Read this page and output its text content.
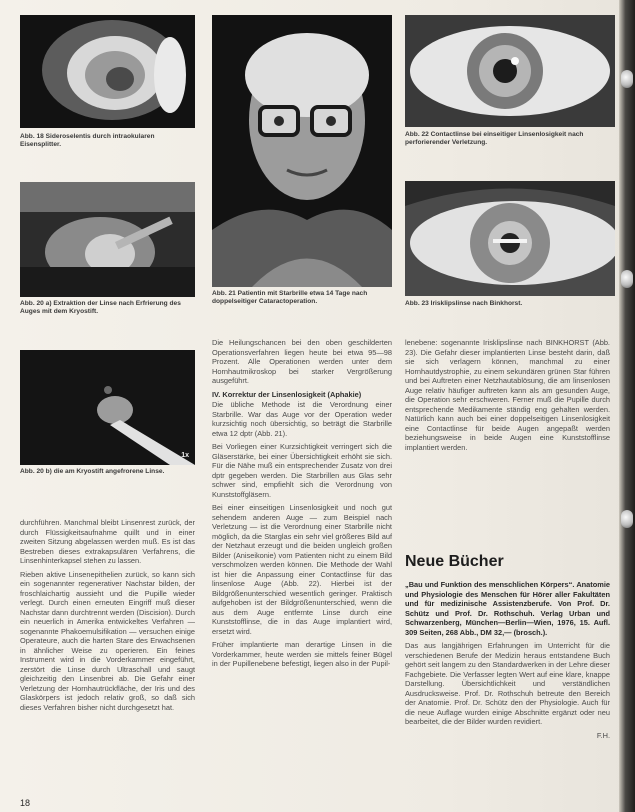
Abb. 18 Sideroselentis durch intraokularen Eisensplitter.
Abb. 20 a) Extraktion der Linse nach Erfrierung des Auges mit dem Kryostift.
1x
Abb. 20 b) die am Kryostift angefrorene Linse.
Abb. 21 Patientin mit Starbrille etwa 14 Tage nach doppelseitiger Cataractoperation.
Abb. 22 Contactlinse bei einseitiger Linsenlosigkeit nach perforierender Verletzung.
Abb. 23 Irisklipslinse nach Binkhorst.

durchführen. Manchmal bleibt Linsenrest zurück, der durch Flüssigkeitsaufnahme quillt und in einer zweiten Sitzung abgelassen werden muß. Es ist das Bestreben dieses extrakapsulären Verfahrens, die Linsenhinterkapsel stehen zu lassen.

Rieben aktive Linsenepithelien zurück, so kann sich ein sogenannter regenerativer Nachstar bilden, der froschlaichartig aussieht und die Pupille wieder verlegt. Durch einen erneuten Eingriff muß dieser Nachstar dann durchtrennt werden (Discision). Durch ein neuerlich in Amerika entwickeltes Verfahren — sogenannte Phakoemulsifikation — versuchen einige Operateure, auch die harten Stare des Erwachsenen in ähnlicher Weise zu operieren. Ein feines Instrument wird in die Vorderkammer eingeführt, zerstört die Linse durch Ultraschall und saugt gleichzeitig den Linsenbrei ab. Die Gefahr einer Verletzung der Hornhautrückfläche, der Iris und des Glaskörpers ist jedoch relativ groß, so daß sich dieses Verfahren bisher nicht durchgesetzt hat.

Die Heilungschancen bei den oben geschilderten Operationsverfahren liegen heute bei etwa 95—98 Prozent. Alle Operationen werden unter dem Hornhautmikroskop bei starker Vergrößerung ausgeführt.

IV. Korrektur der Linsenlosigkeit (Aphakie)

Die übliche Methode ist die Verordnung einer Starbrille. War das Auge vor der Operation weder kurzsichtig noch übersichtig, so beträgt die Starbrille etwa 12 dptr (Abb. 21).

Bei Vorliegen einer Kurzsichtigkeit verringert sich die Gläserstärke, bei einer Übersichtigkeit erhöht sie sich. Für die Nähe muß ein entsprechender Zusatz von drei dptr gegeben werden. Die Starbrillen aus Glas sehr schwer sind, empfiehlt sich die Verordnung von Kunststoffgläsern.

Bei einer einseitigen Linsenlosigkeit und noch gut sehendem anderen Auge — zum Beispiel nach Verletzung — ist die Verordnung einer Starbrille nicht möglich, da die Starglas ein sehr viel größeres Bild auf der Netzhaut erzeugt und die beiden ungleich großen Bilder (Aniseikonie) vom Patienten nicht zu einem Bild verschmolzen werden können. Die Methode der Wahl ist hier die Anpassung einer Contactlinse für das linsenlose Auge (Abb. 22). Hierbei ist der Bildgrößenunterschied wesentlich geringer. Praktisch aufgehoben ist der Bildgrößenunterschied, wenn die aus dem Auge entfernte Linse durch eine Kunststofflinse, die in das Auge implantiert wird, ersetzt wird.

Früher implantierte man derartige Linsen in die Vorderkammer, heute werden sie mittels feiner Bügel in der Pupillenebene befestigt, liegen also in der Pupil-

lenebene: sogenannte Irisklipslinse nach BINKHORST (Abb. 23). Die Gefahr dieser implantierten Linse besteht darin, daß sie sich verlagern können, manchmal zu einer Hornhautdystrophie, zu einem sekundären grünen Star führen und bei Auftreten einer Netzhautablösung, die am linsenlosen Auge relativ häufiger auftreten kann als am gesunden Auge, die Operation sehr erschweren. Ferner muß die Pupille durch entsprechende Medikamente ständig eng gehalten werden. Natürlich kann auch bei einer doppelseitigen Linsenlosigkeit eine Contactlinse für beide Augen angepaßt werden beziehungsweise in beide Augen eine Kunststofflinse implantiert werden.

Neue Bücher

„Bau und Funktion des menschlichen Körpers“. Anatomie und Physiologie des Menschen für Hörer aller Fakultäten und für medizinische Assistenzberufe. Von Prof. Dr. Schütz und Prof. Dr. Rothschuh. Verlag Urban und Schwarzenberg, München—Berlin—Wien, 1976, 15. Aufl. 309 Seiten, 268 Abb., DM 32,— (brosch.).

Das aus langjährigen Erfahrungen im Unterricht für die verschiedenen Berufe der Medizin heraus entstandene Buch gehört seit langem zu den Standardwerken in der Lehre dieser Fachgebiete. Die Verfasser legten Wert auf eine klare, knappe Darstellung. Übersichtlichkeit und verständlichen Ausdrucksweise. Prof. Dr. Rothschuh betreute den Bereich der Anatomie. Prof. Dr. Schütz den der Physiologie. Auch für die neue Auflage wurden einige Abschnitte ergänzt oder neu bearbeitet, die der Bilder wurden revidiert.

F.H.

18
